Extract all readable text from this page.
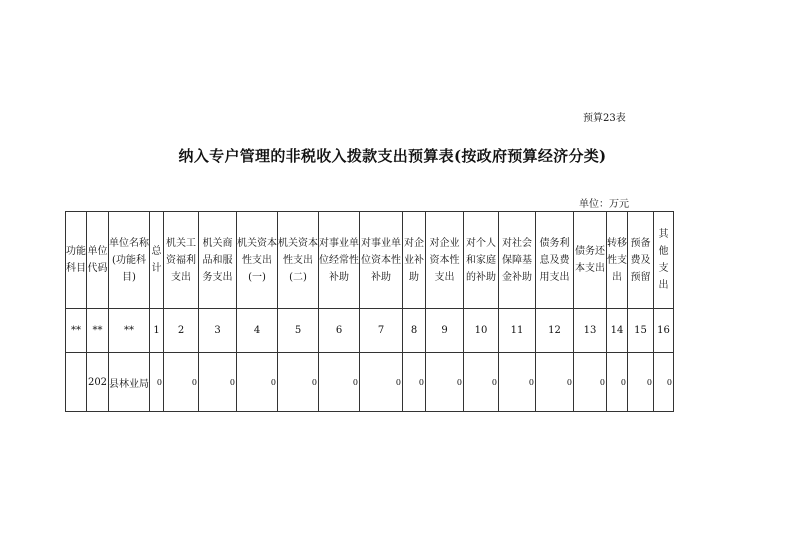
预算23表
纳入专户管理的非税收入拨款支出预算表(按政府预算经济分类)
单位：万元
功能科目	单位代码	单位名称(功能科目)	总计	机关工资福利支出	机关商品和服务支出	机关资本性支出(一)	机关资本性支出(二)	对事业单位经常性补助	对事业单位资本性补助	对企业补助	对企业资本性支出	对个人和家庭的补助	对社会保障基金补助	债务利息及费用支出	债务还本支出	转移性支出	预备费及预留	其他支出
**	**	**	1	2	3	4	5	6	7	8	9	10	11	12	13	14	15	16
	202	县林业局	0	0	0	0	0	0	0	0	0	0	0	0	0	0	0	0
